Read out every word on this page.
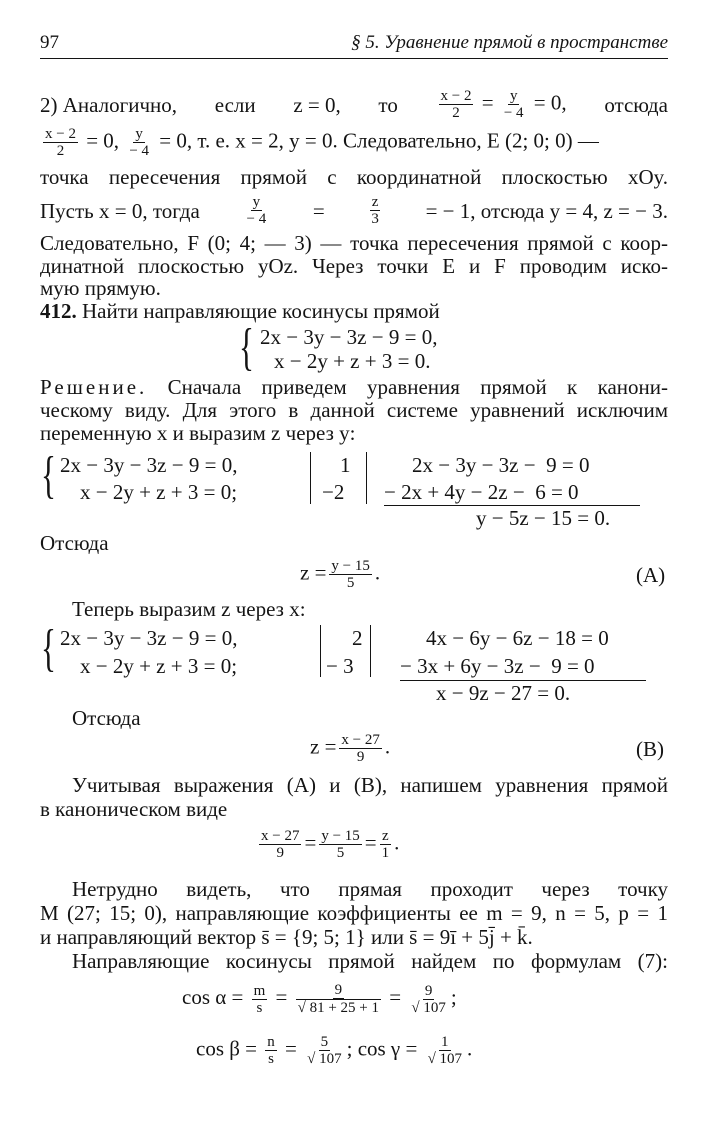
97	§ 5. Уравнение прямой в пространстве
2) Аналогично, если z = 0, то	$\frac{x - 2}{2} = \frac{y}{- 4} = 0$, отсюда
$\frac{x - 2}{2} = 0$, $\frac{y}{- 4} = 0$, т. е. x = 2, y = 0. Следовательно, E (2; 0; 0) —
точка пересечения прямой с координатной плоскостью xOy.
Пусть x = 0, тогда	$\frac{y}{- 4}$ =	$\frac{z}{3}$ = − 1, отсюда y = 4, z = − 3.
Следовательно, F (0; 4; — 3) — точка пересечения прямой с коор-
динатной плоскостью yOz. Через точки E и F проводим иско-
мую прямую.
412. Найти направляющие косинусы прямой
{ 2x − 3y − 3z − 9 = 0,
x − 2y + z + 3 = 0.
Решение. Сначала приведем уравнения прямой к канони-
ческому виду. Для этого в данной системе уравнений исключим
переменную x и выразим z через y:
{ 2x − 3y − 3z − 9 = 0,
x − 2y + z + 3 = 0;
1
−2
2x − 3y − 3z −  9 = 0
− 2x + 4y − 2z −  6 = 0
y − 5z − 15 = 0.
Отсюда
$z = \frac{y - 15}{5}$ .	(A)
Теперь выразим z через x:
{ 2x − 3y − 3z − 9 = 0,
x − 2y + z + 3 = 0;
2
− 3
4x − 6y − 6z − 18 = 0
− 3x + 6y − 3z −  9 = 0
x − 9z − 27 = 0.
Отсюда
$z = \frac{x - 27}{9}$ .	(B)
Учитывая выражения (A) и (B), напишем уравнения прямой
в каноническом виде
$\frac{x - 27}{9} = \frac{y - 15}{5} = \frac{z}{1}$ .
Нетрудно видеть, что прямая проходит через точку
M (27; 15; 0), направляющие коэффициенты ее m = 9, n = 5, p = 1
и направляющий вектор s̄ = {9; 5; 1} или s̄ = 9ī + 5j̄ + k̄.
Направляющие косинусы прямой найдем по формулам (7):
$\cos \alpha = \frac{m}{s} = \frac{9}{√ 81 + 25 + 1} = \frac{9}{√ 107}$ ;
$\cos \beta = \frac{n}{s} = \frac{5}{√ 107}$ ; $\cos \gamma = \frac{1}{√ 107}$ .
